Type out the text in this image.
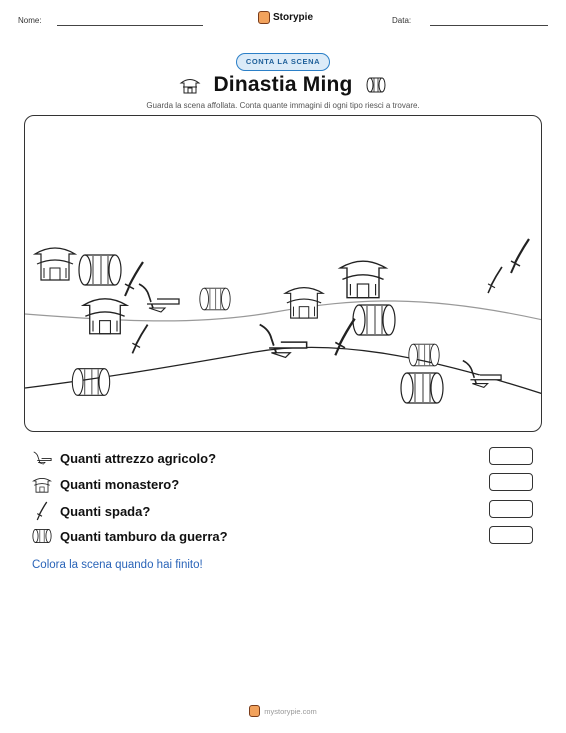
Nome:	Storypie	Data:
CONTA LA SCENA
Dinastia Ming
Guarda la scena affollata. Conta quante immagini di ogni tipo riesci a trovare.
Quanti attrezzo agricolo?
Quanti monastero?
Quanti spada?
Quanti tamburo da guerra?
Colora la scena quando hai finito!
mystorypie.com
